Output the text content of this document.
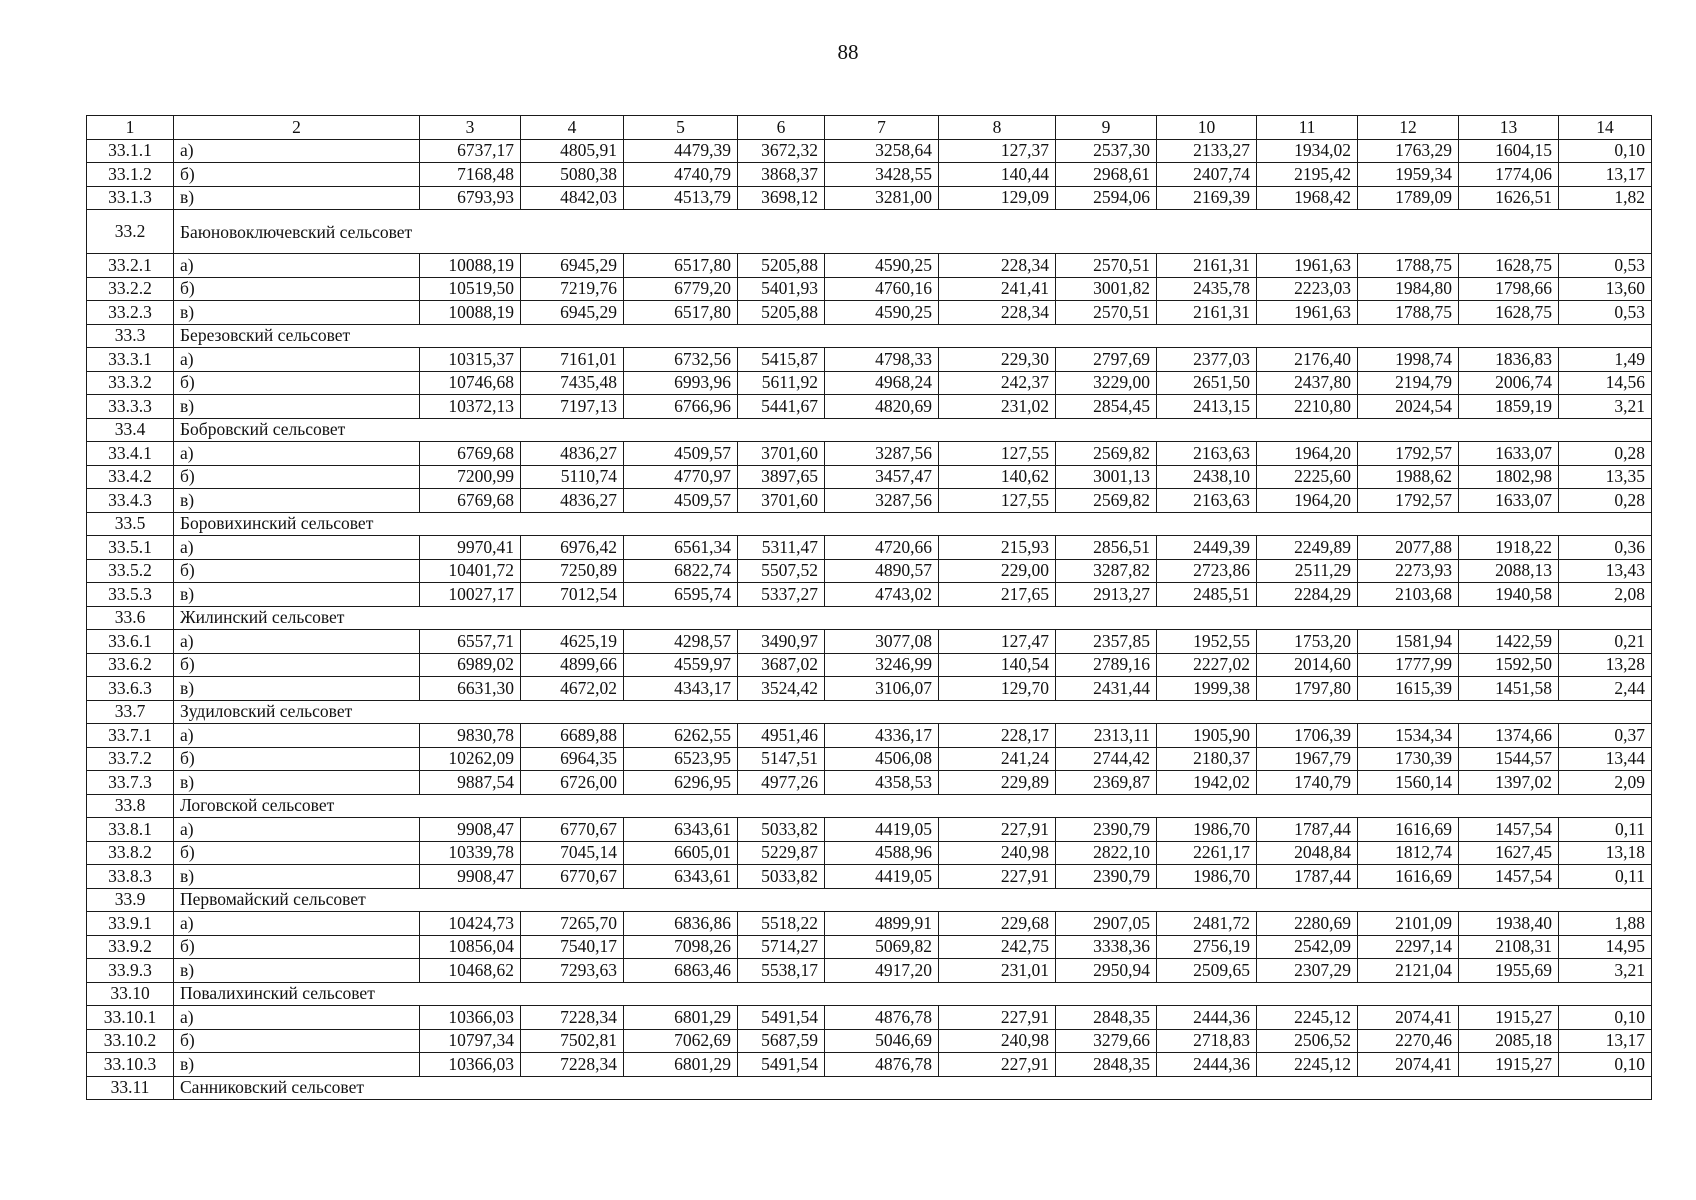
88
1	2	3	4	5	6	7	8	9	10	11	12	13	14
33.1.1	а)	6737,17	4805,91	4479,39	3672,32	3258,64	127,37	2537,30	2133,27	1934,02	1763,29	1604,15	0,10
33.1.2	б)	7168,48	5080,38	4740,79	3868,37	3428,55	140,44	2968,61	2407,74	2195,42	1959,34	1774,06	13,17
33.1.3	в)	6793,93	4842,03	4513,79	3698,12	3281,00	129,09	2594,06	2169,39	1968,42	1789,09	1626,51	1,82
33.2	Баюновоключевский сельсовет												
33.2.1	а)	10088,19	6945,29	6517,80	5205,88	4590,25	228,34	2570,51	2161,31	1961,63	1788,75	1628,75	0,53
33.2.2	б)	10519,50	7219,76	6779,20	5401,93	4760,16	241,41	3001,82	2435,78	2223,03	1984,80	1798,66	13,60
33.2.3	в)	10088,19	6945,29	6517,80	5205,88	4590,25	228,34	2570,51	2161,31	1961,63	1788,75	1628,75	0,53
33.3	Березовский сельсовет												
33.3.1	а)	10315,37	7161,01	6732,56	5415,87	4798,33	229,30	2797,69	2377,03	2176,40	1998,74	1836,83	1,49
33.3.2	б)	10746,68	7435,48	6993,96	5611,92	4968,24	242,37	3229,00	2651,50	2437,80	2194,79	2006,74	14,56
33.3.3	в)	10372,13	7197,13	6766,96	5441,67	4820,69	231,02	2854,45	2413,15	2210,80	2024,54	1859,19	3,21
33.4	Бобровский сельсовет												
33.4.1	а)	6769,68	4836,27	4509,57	3701,60	3287,56	127,55	2569,82	2163,63	1964,20	1792,57	1633,07	0,28
33.4.2	б)	7200,99	5110,74	4770,97	3897,65	3457,47	140,62	3001,13	2438,10	2225,60	1988,62	1802,98	13,35
33.4.3	в)	6769,68	4836,27	4509,57	3701,60	3287,56	127,55	2569,82	2163,63	1964,20	1792,57	1633,07	0,28
33.5	Боровихинский сельсовет												
33.5.1	а)	9970,41	6976,42	6561,34	5311,47	4720,66	215,93	2856,51	2449,39	2249,89	2077,88	1918,22	0,36
33.5.2	б)	10401,72	7250,89	6822,74	5507,52	4890,57	229,00	3287,82	2723,86	2511,29	2273,93	2088,13	13,43
33.5.3	в)	10027,17	7012,54	6595,74	5337,27	4743,02	217,65	2913,27	2485,51	2284,29	2103,68	1940,58	2,08
33.6	Жилинский сельсовет												
33.6.1	а)	6557,71	4625,19	4298,57	3490,97	3077,08	127,47	2357,85	1952,55	1753,20	1581,94	1422,59	0,21
33.6.2	б)	6989,02	4899,66	4559,97	3687,02	3246,99	140,54	2789,16	2227,02	2014,60	1777,99	1592,50	13,28
33.6.3	в)	6631,30	4672,02	4343,17	3524,42	3106,07	129,70	2431,44	1999,38	1797,80	1615,39	1451,58	2,44
33.7	Зудиловский сельсовет												
33.7.1	а)	9830,78	6689,88	6262,55	4951,46	4336,17	228,17	2313,11	1905,90	1706,39	1534,34	1374,66	0,37
33.7.2	б)	10262,09	6964,35	6523,95	5147,51	4506,08	241,24	2744,42	2180,37	1967,79	1730,39	1544,57	13,44
33.7.3	в)	9887,54	6726,00	6296,95	4977,26	4358,53	229,89	2369,87	1942,02	1740,79	1560,14	1397,02	2,09
33.8	Логовской сельсовет												
33.8.1	а)	9908,47	6770,67	6343,61	5033,82	4419,05	227,91	2390,79	1986,70	1787,44	1616,69	1457,54	0,11
33.8.2	б)	10339,78	7045,14	6605,01	5229,87	4588,96	240,98	2822,10	2261,17	2048,84	1812,74	1627,45	13,18
33.8.3	в)	9908,47	6770,67	6343,61	5033,82	4419,05	227,91	2390,79	1986,70	1787,44	1616,69	1457,54	0,11
33.9	Первомайский сельсовет												
33.9.1	а)	10424,73	7265,70	6836,86	5518,22	4899,91	229,68	2907,05	2481,72	2280,69	2101,09	1938,40	1,88
33.9.2	б)	10856,04	7540,17	7098,26	5714,27	5069,82	242,75	3338,36	2756,19	2542,09	2297,14	2108,31	14,95
33.9.3	в)	10468,62	7293,63	6863,46	5538,17	4917,20	231,01	2950,94	2509,65	2307,29	2121,04	1955,69	3,21
33.10	Повалихинский сельсовет												
33.10.1	а)	10366,03	7228,34	6801,29	5491,54	4876,78	227,91	2848,35	2444,36	2245,12	2074,41	1915,27	0,10
33.10.2	б)	10797,34	7502,81	7062,69	5687,59	5046,69	240,98	3279,66	2718,83	2506,52	2270,46	2085,18	13,17
33.10.3	в)	10366,03	7228,34	6801,29	5491,54	4876,78	227,91	2848,35	2444,36	2245,12	2074,41	1915,27	0,10
33.11	Санниковский сельсовет												
